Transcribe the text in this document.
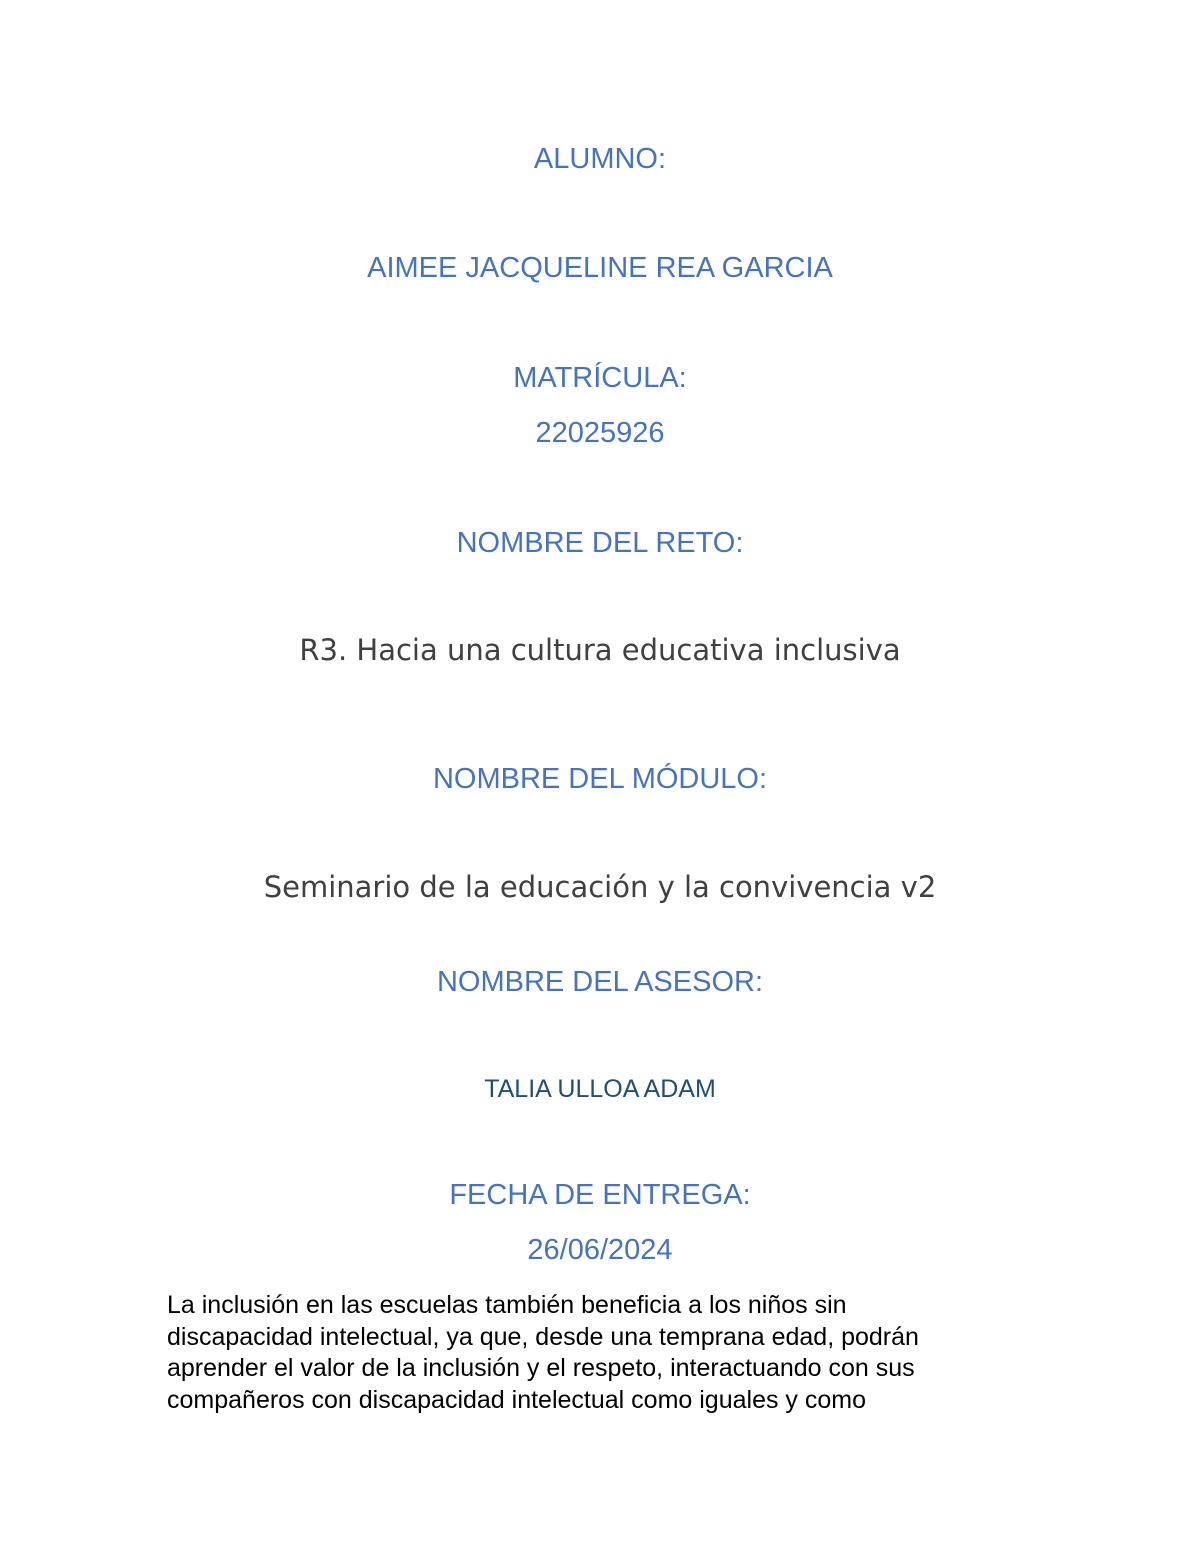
ALUMNO:
AIMEE JACQUELINE REA GARCIA
MATRÍCULA:
22025926
NOMBRE DEL RETO:
R3. Hacia una cultura educativa inclusiva
NOMBRE DEL MÓDULO:
Seminario de la educación y la convivencia v2
NOMBRE DEL ASESOR:
TALIA ULLOA ADAM
FECHA DE ENTREGA:
26/06/2024
La inclusión en las escuelas también beneficia a los niños sin
discapacidad intelectual, ya que, desde una temprana edad, podrán
aprender el valor de la inclusión y el respeto, interactuando con sus
compañeros con discapacidad intelectual como iguales y como
